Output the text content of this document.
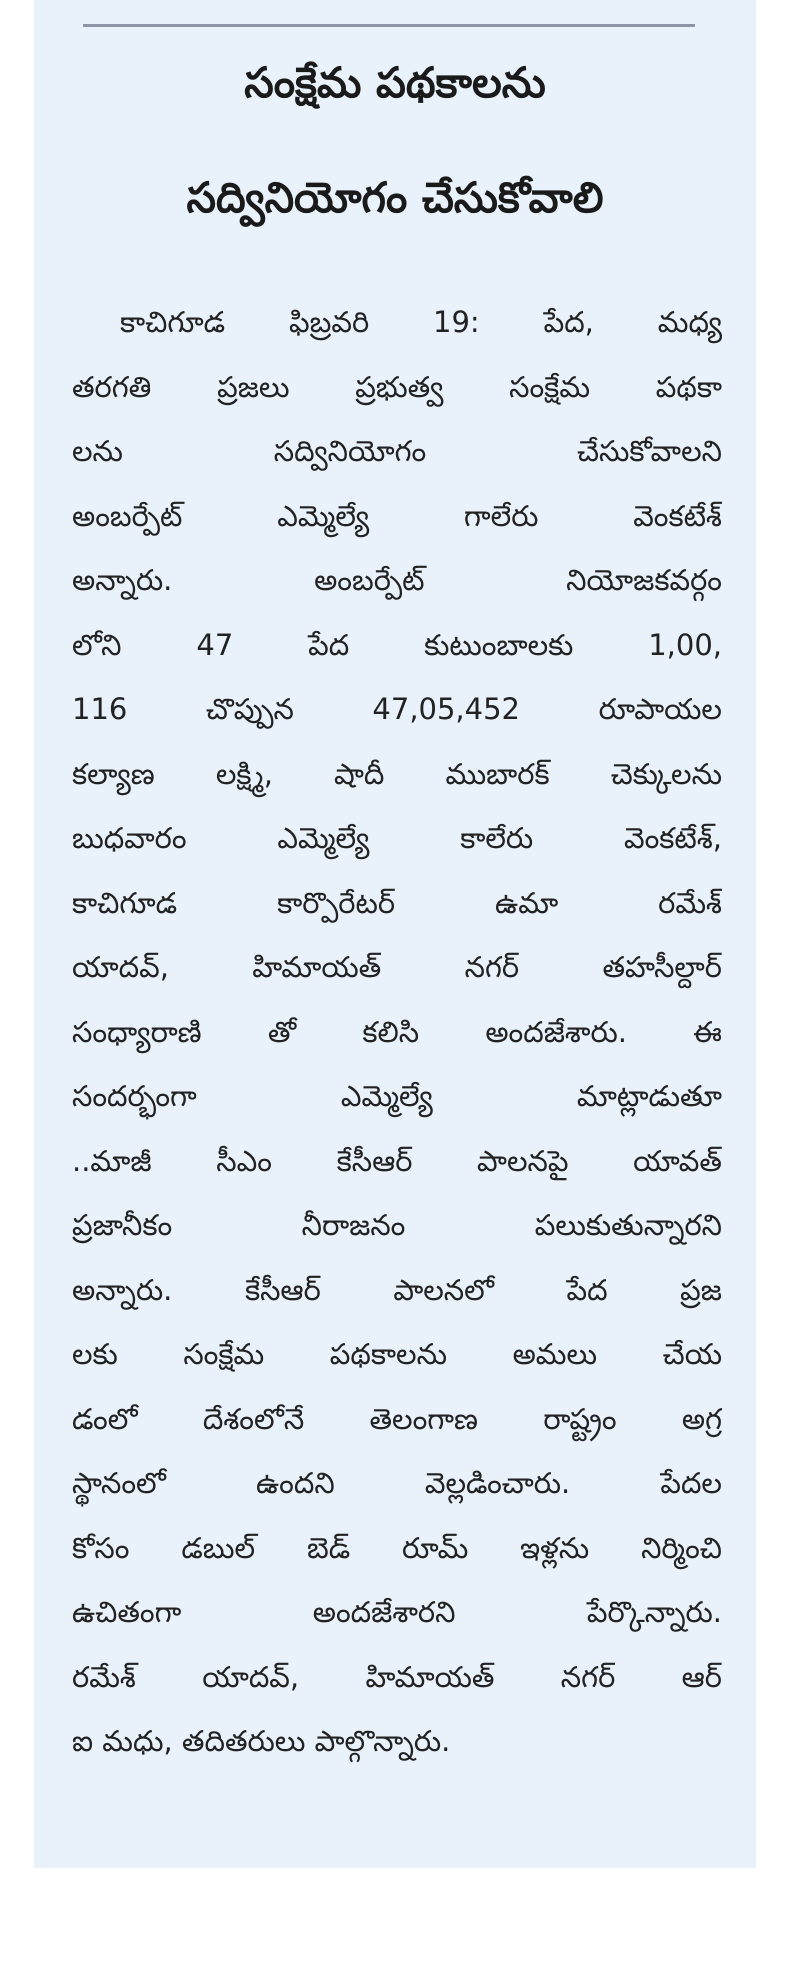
సంక్షేమ పథకాలను
సద్వినియోగం చేసుకోవాలి
కాచిగూడ ఫిబ్రవరి 19: పేద, మధ్య
తరగతి ప్రజలు ప్రభుత్వ సంక్షేమ పథకా
లను సద్వినియోగం చేసుకోవాలని
అంబర్పేట్ ఎమ్మెల్యే గాలేరు వెంకటేశ్
అన్నారు. అంబర్పేట్ నియోజకవర్గం
లోని 47 పేద కుటుంబాలకు 1,00,
116 చొప్పున 47,05,452 రూపాయల
కల్యాణ లక్ష్మి, షాదీ ముబారక్ చెక్కులను
బుధవారం ఎమ్మెల్యే కాలేరు వెంకటేశ్,
కాచిగూడ కార్పొరేటర్ ఉమా రమేశ్
యాదవ్, హిమాయత్ నగర్ తహసీల్దార్
సంధ్యారాణి తో కలిసి అందజేశారు. ఈ
సందర్భంగా ఎమ్మెల్యే మాట్లాడుతూ
..మాజీ సీఎం కేసీఆర్ పాలనపై యావత్
ప్రజానీకం నీరాజనం పలుకుతున్నారని
అన్నారు. కేసీఆర్ పాలనలో పేద ప్రజ
లకు సంక్షేమ పథకాలను అమలు చేయ
డంలో దేశంలోనే తెలంగాణ రాష్ట్రం అగ్ర
స్థానంలో ఉందని వెల్లడించారు. పేదల
కోసం డబుల్ బెడ్ రూమ్ ఇళ్లను నిర్మించి
ఉచితంగా అందజేశారని పేర్కొన్నారు.
రమేశ్ యాదవ్, హిమాయత్ నగర్ ఆర్
ఐ మధు, తదితరులు పాల్గొన్నారు.
